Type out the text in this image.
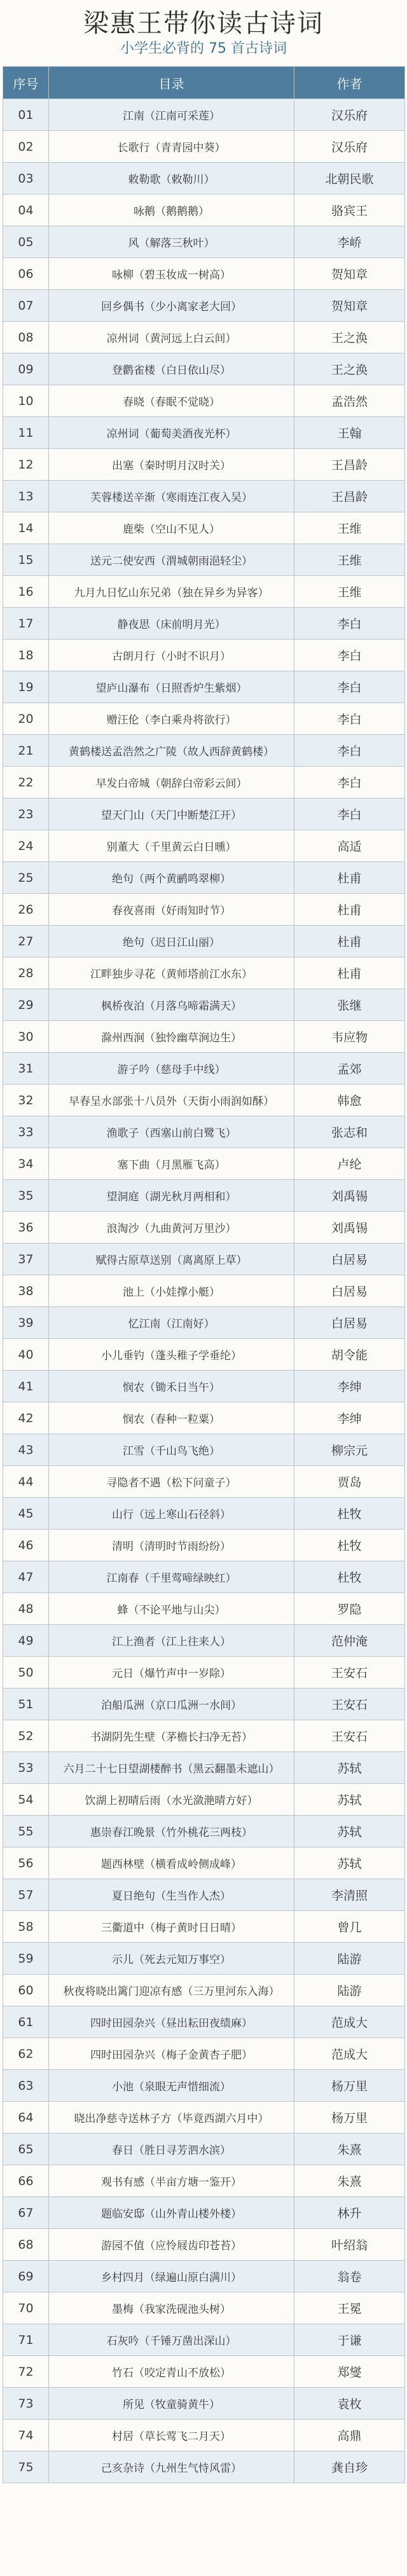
梁惠王带你读古诗词
小学生必背的 75 首古诗词
序号	目录	作者
01	江南（江南可采莲）	汉乐府
02	长歌行（青青园中葵）	汉乐府
03	敕勒歌（敕勒川）	北朝民歌
04	咏鹅（鹅鹅鹅）	骆宾王
05	风（解落三秋叶）	李峤
06	咏柳（碧玉妆成一树高）	贺知章
07	回乡偶书（少小离家老大回）	贺知章
08	凉州词（黄河远上白云间）	王之涣
09	登鹳雀楼（白日依山尽）	王之涣
10	春晓（春眠不觉晓）	孟浩然
11	凉州词（葡萄美酒夜光杯）	王翰
12	出塞（秦时明月汉时关）	王昌龄
13	芙蓉楼送辛渐（寒雨连江夜入吴）	王昌龄
14	鹿柴（空山不见人）	王维
15	送元二使安西（渭城朝雨浥轻尘）	王维
16	九月九日忆山东兄弟（独在异乡为异客）	王维
17	静夜思（床前明月光）	李白
18	古朗月行（小时不识月）	李白
19	望庐山瀑布（日照香炉生紫烟）	李白
20	赠汪伦（李白乘舟将欲行）	李白
21	黄鹤楼送孟浩然之广陵（故人西辞黄鹤楼）	李白
22	早发白帝城（朝辞白帝彩云间）	李白
23	望天门山（天门中断楚江开）	李白
24	别董大（千里黄云白日曛）	高适
25	绝句（两个黄鹂鸣翠柳）	杜甫
26	春夜喜雨（好雨知时节）	杜甫
27	绝句（迟日江山丽）	杜甫
28	江畔独步寻花（黄师塔前江水东）	杜甫
29	枫桥夜泊（月落乌啼霜满天）	张继
30	滁州西涧（独怜幽草涧边生）	韦应物
31	游子吟（慈母手中线）	孟郊
32	早春呈水部张十八员外（天街小雨润如酥）	韩愈
33	渔歌子（西塞山前白鹭飞）	张志和
34	塞下曲（月黑雁飞高）	卢纶
35	望洞庭（湖光秋月两相和）	刘禹锡
36	浪淘沙（九曲黄河万里沙）	刘禹锡
37	赋得古原草送别（离离原上草）	白居易
38	池上（小娃撑小艇）	白居易
39	忆江南（江南好）	白居易
40	小儿垂钓（蓬头稚子学垂纶）	胡令能
41	悯农（锄禾日当午）	李绅
42	悯农（春种一粒粟）	李绅
43	江雪（千山鸟飞绝）	柳宗元
44	寻隐者不遇（松下问童子）	贾岛
45	山行（远上寒山石径斜）	杜牧
46	清明（清明时节雨纷纷）	杜牧
47	江南春（千里莺啼绿映红）	杜牧
48	蜂（不论平地与山尖）	罗隐
49	江上渔者（江上往来人）	范仲淹
50	元日（爆竹声中一岁除）	王安石
51	泊船瓜洲（京口瓜洲一水间）	王安石
52	书湖阴先生壁（茅檐长扫净无苔）	王安石
53	六月二十七日望湖楼醉书（黑云翻墨未遮山）	苏轼
54	饮湖上初晴后雨（水光潋滟晴方好）	苏轼
55	惠崇春江晚景（竹外桃花三两枝）	苏轼
56	题西林壁（横看成岭侧成峰）	苏轼
57	夏日绝句（生当作人杰）	李清照
58	三衢道中（梅子黄时日日晴）	曾几
59	示儿（死去元知万事空）	陆游
60	秋夜将晓出篱门迎凉有感（三万里河东入海）	陆游
61	四时田园杂兴（昼出耘田夜绩麻）	范成大
62	四时田园杂兴（梅子金黄杏子肥）	范成大
63	小池（泉眼无声惜细流）	杨万里
64	晓出净慈寺送林子方（毕竟西湖六月中）	杨万里
65	春日（胜日寻芳泗水滨）	朱熹
66	观书有感（半亩方塘一鉴开）	朱熹
67	题临安邸（山外青山楼外楼）	林升
68	游园不值（应怜屐齿印苍苔）	叶绍翁
69	乡村四月（绿遍山原白满川）	翁卷
70	墨梅（我家洗砚池头树）	王冕
71	石灰吟（千锤万凿出深山）	于谦
72	竹石（咬定青山不放松）	郑燮
73	所见（牧童骑黄牛）	袁枚
74	村居（草长莺飞二月天）	高鼎
75	己亥杂诗（九州生气恃风雷）	龚自珍
